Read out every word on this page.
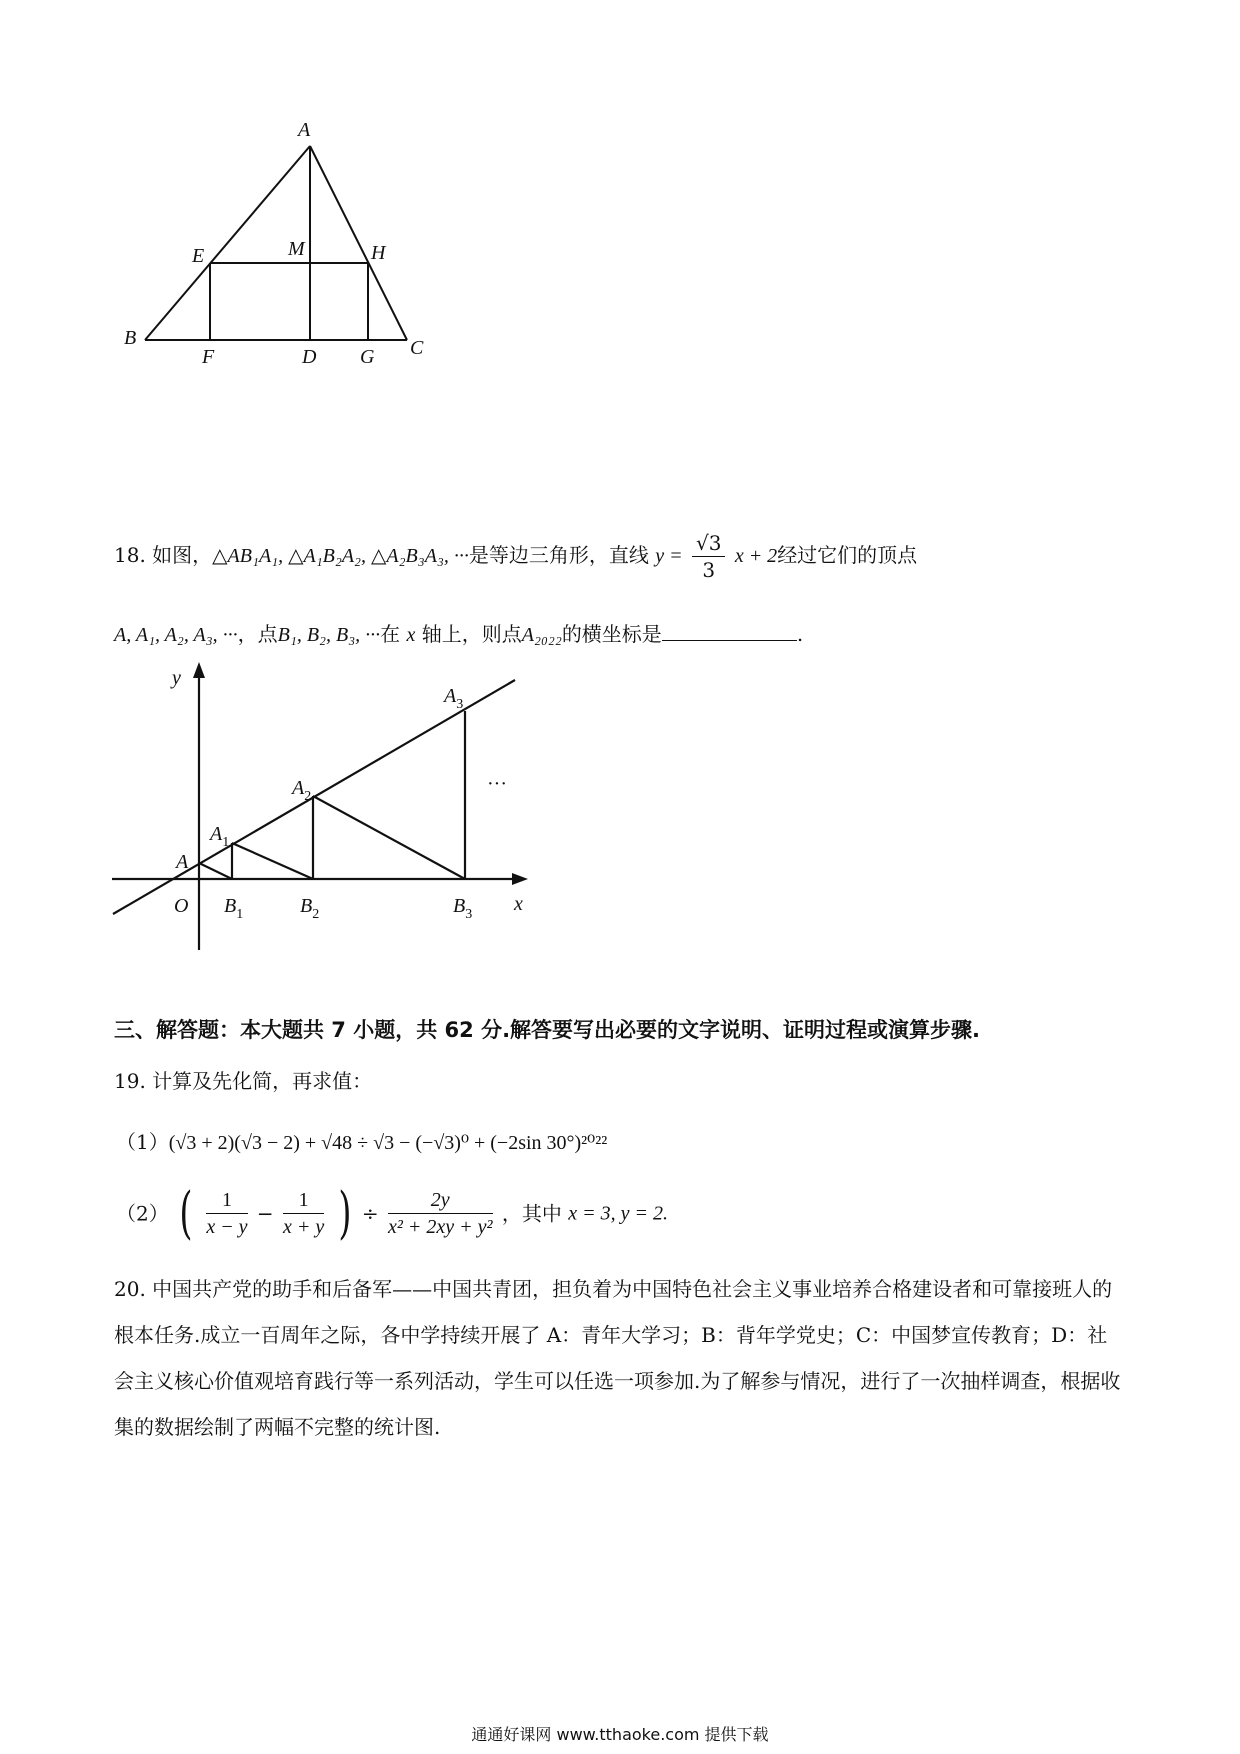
A
E	M	H
B
F	D G C
18. 如图，△AB₁A₁, △A₁B₂A₂, △A₂B₃A₃, ···是等边三角形，直线 $y = \frac{√3}{3}$ x + 2经过它们的顶点
A, A₁, A₂, A₃, ···，点B₁, B₂, B₃, ···在 x 轴上，则点A₂₀₂₂的横坐标是	.
y
x
O
A
$A_1$
$A_2$
$A_3$
$B_1$	$B_2$	$B_3$
···
三、解答题：本大题共 7 小题，共 62 分.解答要写出必要的文字说明、证明过程或演算步骤.
19. 计算及先化简，再求值：
（1）(√3 + 2)(√3 − 2) + √48 ÷ √3 − (−√3)⁰ + (−2sin 30°)²⁰²²
（2） ( $\frac{1}{x - y} - \frac{1}{x + y}$ ) ÷ $\frac{2y}{\text{x² + 2xy + y²}}$ ，其中 x = 3, y = 2.
20. 中国共产党的助手和后备军——中国共青团，担负着为中国特色社会主义事业培养合格建设者和可靠接班人的根本任务.成立一百周年之际，各中学持续开展了 A：青年大学习；B：背年学党史；C：中国梦宣传教育；D：社会主义核心价值观培育践行等一系列活动，学生可以任选一项参加.为了解参与情况，进行了一次抽样调查，根据收集的数据绘制了两幅不完整的统计图.
通通好课网 www.tthaoke.com 提供下载
